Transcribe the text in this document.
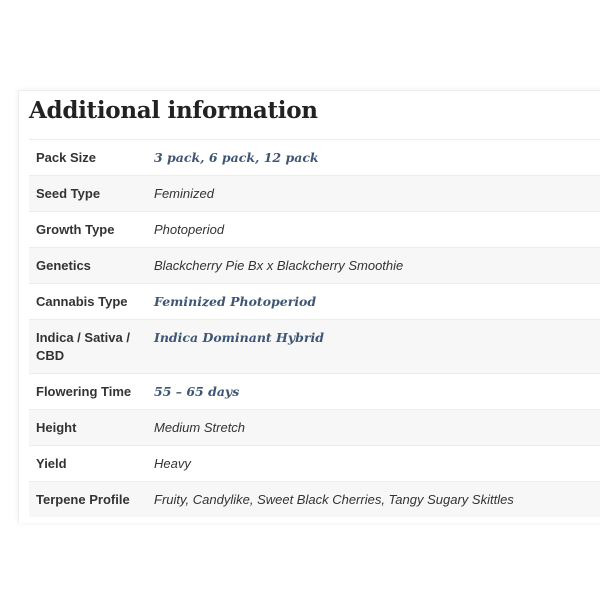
Additional information
Pack Size	3 pack, 6 pack, 12 pack
Seed Type	Feminized
Growth Type	Photoperiod
Genetics	Blackcherry Pie Bx x Blackcherry Smoothie
Cannabis Type	Feminized Photoperiod
Indica / Sativa / CBD	Indica Dominant Hybrid
Flowering Time	55 – 65 days
Height	Medium Stretch
Yield	Heavy
Terpene Profile	Fruity, Candylike, Sweet Black Cherries, Tangy Sugary Skittles
